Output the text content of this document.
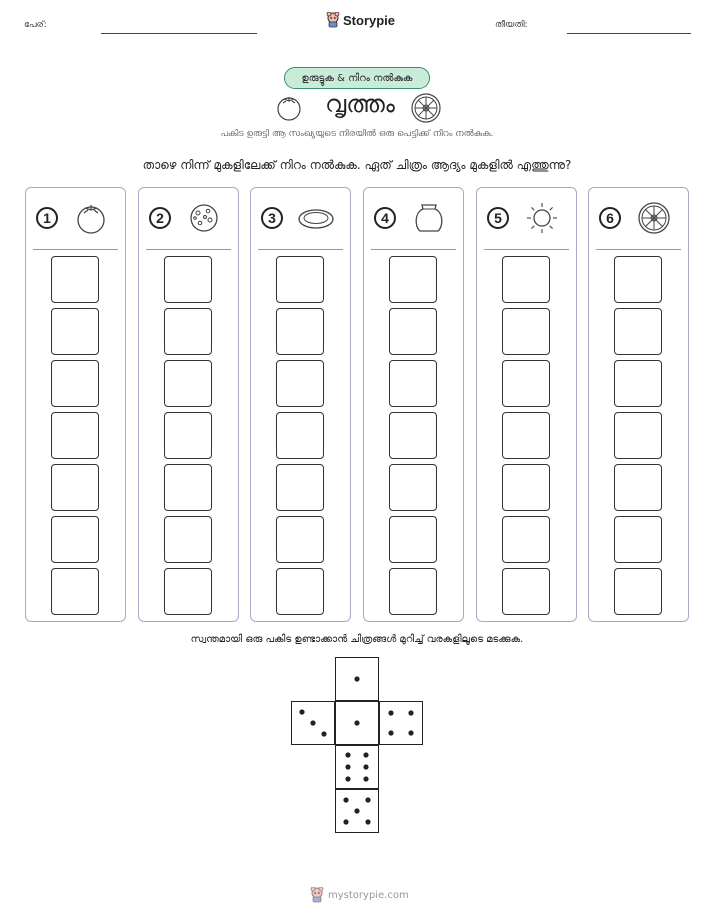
പേര്:	Storypie	തീയതി:
ഉരുട്ടുക & നിറം നൽകുക
വൃത്തം
പകിട ഉരുട്ടി ആ സംഖ്യയുടെ നിരയിൽ ഒരു പെട്ടിക്ക് നിറം നൽകുക.
താഴെ നിന്ന് മുകളിലേക്ക് നിറം നൽകുക. ഏത് ചിത്രം ആദ്യം മുകളിൽ എത്തുന്നു?
1	2	3	4	5	6
സ്വന്തമായി ഒരു പകിട ഉണ്ടാക്കാൻ ചിത്രങ്ങൾ മുറിച്ച് വരകളിലൂടെ മടക്കുക.
mystorypie.com
